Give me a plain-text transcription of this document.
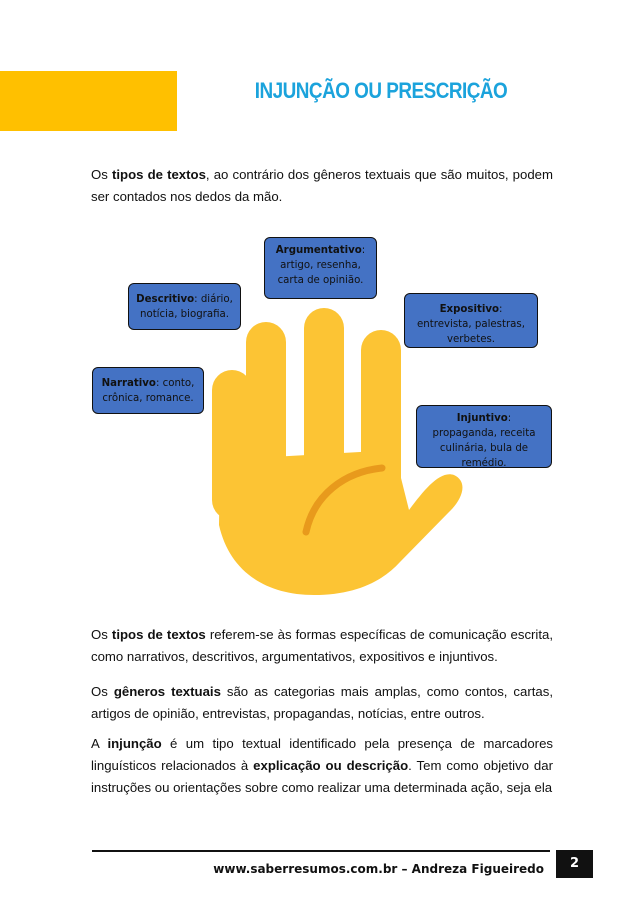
INJUNÇÃO OU PRESCRIÇÃO

Os tipos de textos, ao contrário dos gêneros textuais que são muitos, podem ser contados nos dedos da mão.

Argumentativo:
artigo, resenha, carta de opinião.
Descritivo: diário, notícia, biografia.	Expositivo: entrevista, palestras, verbetes.
Narrativo: conto, crônica, romance.
Injuntivo: propaganda, receita culinária, bula de remédio.

Os tipos de textos referem-se às formas específicas de comunicação escrita, como narrativos, descritivos, argumentativos, expositivos e injuntivos.

Os gêneros textuais são as categorias mais amplas, como contos, cartas, artigos de opinião, entrevistas, propagandas, notícias, entre outros.

A injunção é um tipo textual identificado pela presença de marcadores linguísticos relacionados à explicação ou descrição. Tem como objetivo dar instruções ou orientações sobre como realizar uma determinada ação, seja ela

www.saberresumos.com.br – Andreza Figueiredo	2
